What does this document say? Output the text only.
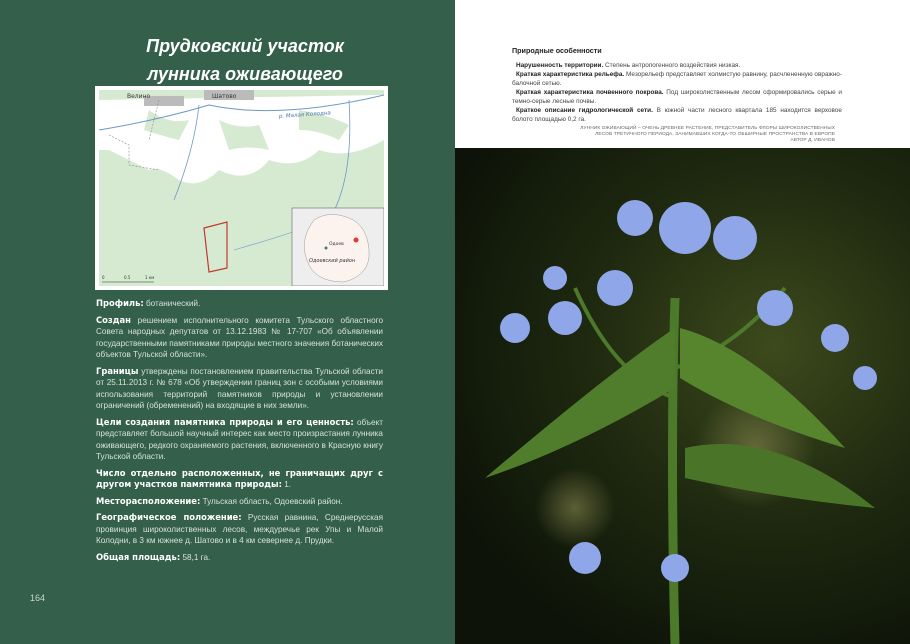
Прудковский участок
лунника оживающего
Велино	Шатово
р. Малая Колодна
Одоев
Одоевский район
0	0.5	1 км

Профиль: ботанический.

Создан решением исполнительного комитета Тульского областного Совета народных депутатов от 13.12.1983 № 17-707 «Об объявлении государственными памятниками природы местного значения ботанических объектов Тульской области».

Границы утверждены постановлением правительства Тульской области от 25.11.2013 г. № 678 «Об утверждении границ зон с особыми условиями использования территорий памятников природы и установлении ограничений (обременений) на входящие в них земли».

Цели создания памятника природы и его ценность: объект представляет большой научный интерес как место произрастания лунника оживающего, редкого охраняемого растения, включенного в Красную книгу Тульской области.

Число отдельно расположенных, не граничащих друг с другом участков памятника природы: 1.

Месторасположение: Тульская область, Одоевский район.

Географическое положение: Русская равнина, Среднерусская провинция широколиственных лесов, междуречье рек Упы и Малой Колодни, в 3 км южнее д. Шатово и в 4 км севернее д. Прудки.

Общая площадь: 58,1 га.

164
Природные особенности

Нарушенность территории. Степень антропогенного воздействия низкая.

Краткая характеристика рельефа. Мезорельеф представляет холмистую равнину, расчлененную овражно-балочной сетью.

Краткая характеристика почвенного покрова. Под широколиственным лесом сформировались серые и темно-серые лесные почвы.

Краткое описание гидрологической сети. В южной части лесного квартала 185 находится верховое болото площадью 0,2 га.

ЛУННИК ОЖИВАЮЩИЙ – ОЧЕНЬ ДРЕВНЕЕ РАСТЕНИЕ, ПРЕДСТАВИТЕЛЬ ФЛОРЫ ШИРОКОЛИСТВЕННЫХ
ЛЕСОВ ТРЕТИЧНОГО ПЕРИОДА, ЗАНИМАВШИХ КОГДА-ТО ОБШИРНЫЕ ПРОСТРАНСТВА В ЕВРОПЕ
АВТОР Д. ИВАНОВ
